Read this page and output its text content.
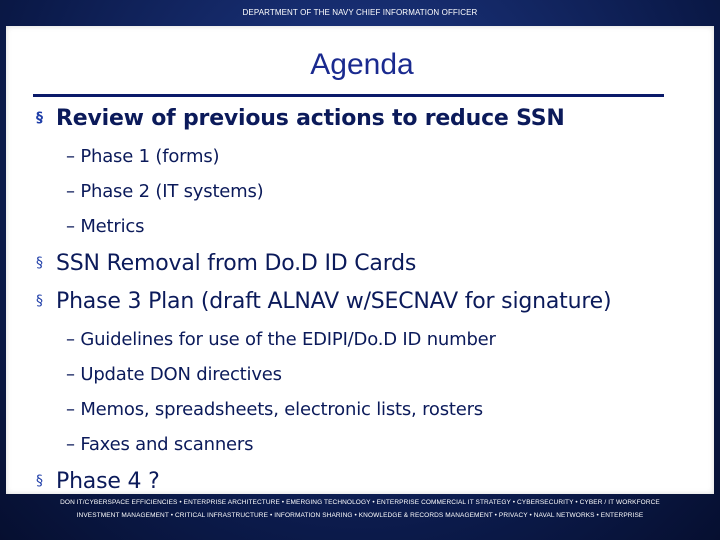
DEPARTMENT OF THE NAVY CHIEF INFORMATION OFFICER
Agenda
§ Review of previous actions to reduce SSN
– Phase 1 (forms)
– Phase 2 (IT systems)
– Metrics
§ SSN Removal from Do.D ID Cards
§ Phase 3 Plan (draft ALNAV w/SECNAV for signature)
– Guidelines for use of the EDIPI/Do.D ID number
– Update DON directives
– Memos, spreadsheets, electronic lists, rosters
– Faxes and scanners
§ Phase 4 ?
DON IT/CYBERSPACE EFFICIENCIES • ENTERPRISE ARCHITECTURE • EMERGING TECHNOLOGY • ENTERPRISE COMMERCIAL IT STRATEGY • CYBERSECURITY • CYBER / IT WORKFORCE
INVESTMENT MANAGEMENT • CRITICAL INFRASTRUCTURE • INFORMATION SHARING • KNOWLEDGE & RECORDS MANAGEMENT • PRIVACY • NAVAL NETWORKS • ENTERPRISE
